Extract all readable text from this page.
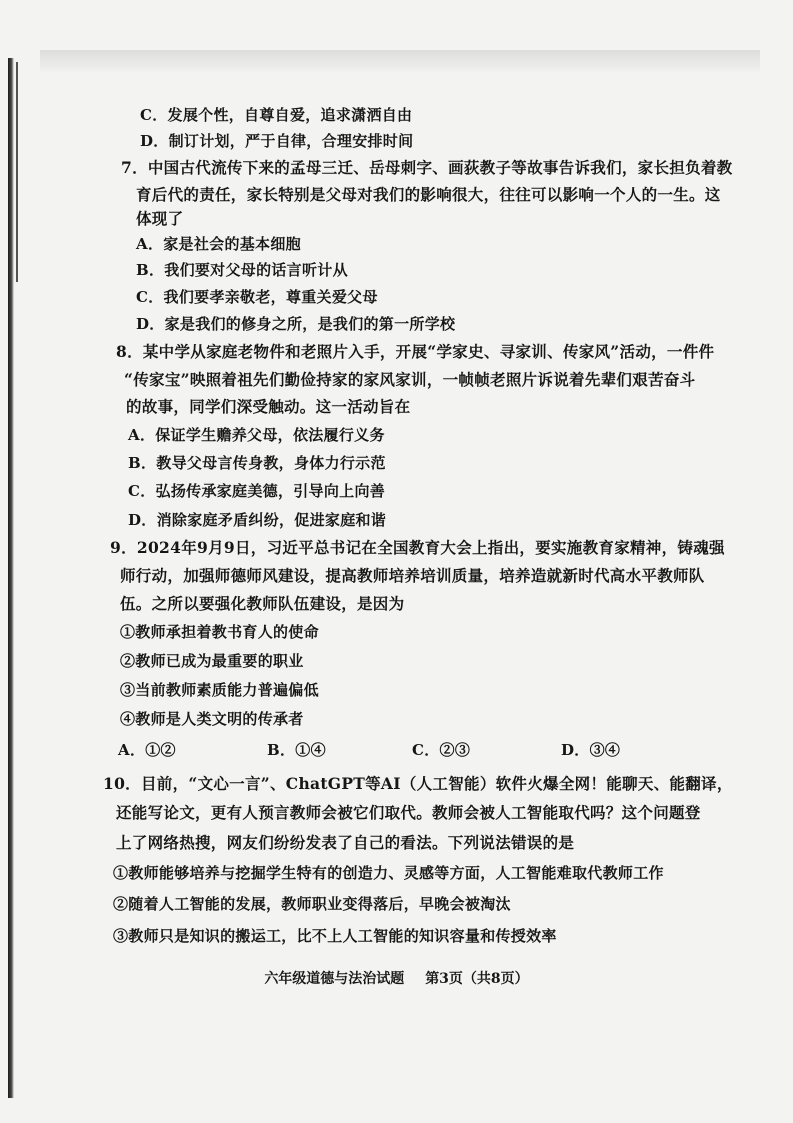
C．发展个性，自尊自爱，追求潇洒自由
D．制订计划，严于自律，合理安排时间
7．中国古代流传下来的孟母三迁、岳母刺字、画荻教子等故事告诉我们，家长担负着教
育后代的责任，家长特别是父母对我们的影响很大，往往可以影响一个人的一生。这
体现了
A．家是社会的基本细胞
B．我们要对父母的话言听计从
C．我们要孝亲敬老，尊重关爱父母
D．家是我们的修身之所，是我们的第一所学校
8．某中学从家庭老物件和老照片入手，开展“学家史、寻家训、传家风”活动，一件件
“传家宝”映照着祖先们勤俭持家的家风家训，一帧帧老照片诉说着先辈们艰苦奋斗
的故事，同学们深受触动。这一活动旨在
A．保证学生赡养父母，依法履行义务
B．教导父母言传身教，身体力行示范
C．弘扬传承家庭美德，引导向上向善
D．消除家庭矛盾纠纷，促进家庭和谐
9．2024年9月9日，习近平总书记在全国教育大会上指出，要实施教育家精神，铸魂强
师行动，加强师德师风建设，提高教师培养培训质量，培养造就新时代高水平教师队
伍。之所以要强化教师队伍建设，是因为
①教师承担着教书育人的使命
②教师已成为最重要的职业
③当前教师素质能力普遍偏低
④教师是人类文明的传承者
A．①②	B．①④	C．②③	D．③④
10．目前，“文心一言”、ChatGPT等AI（人工智能）软件火爆全网！能聊天、能翻译，
还能写论文，更有人预言教师会被它们取代。教师会被人工智能取代吗？这个问题登
上了网络热搜，网友们纷纷发表了自己的看法。下列说法错误的是
①教师能够培养与挖掘学生特有的创造力、灵感等方面，人工智能难取代教师工作
②随着人工智能的发展，教师职业变得落后，早晚会被淘汰
③教师只是知识的搬运工，比不上人工智能的知识容量和传授效率
六年级道德与法治试题 第3页（共8页）
